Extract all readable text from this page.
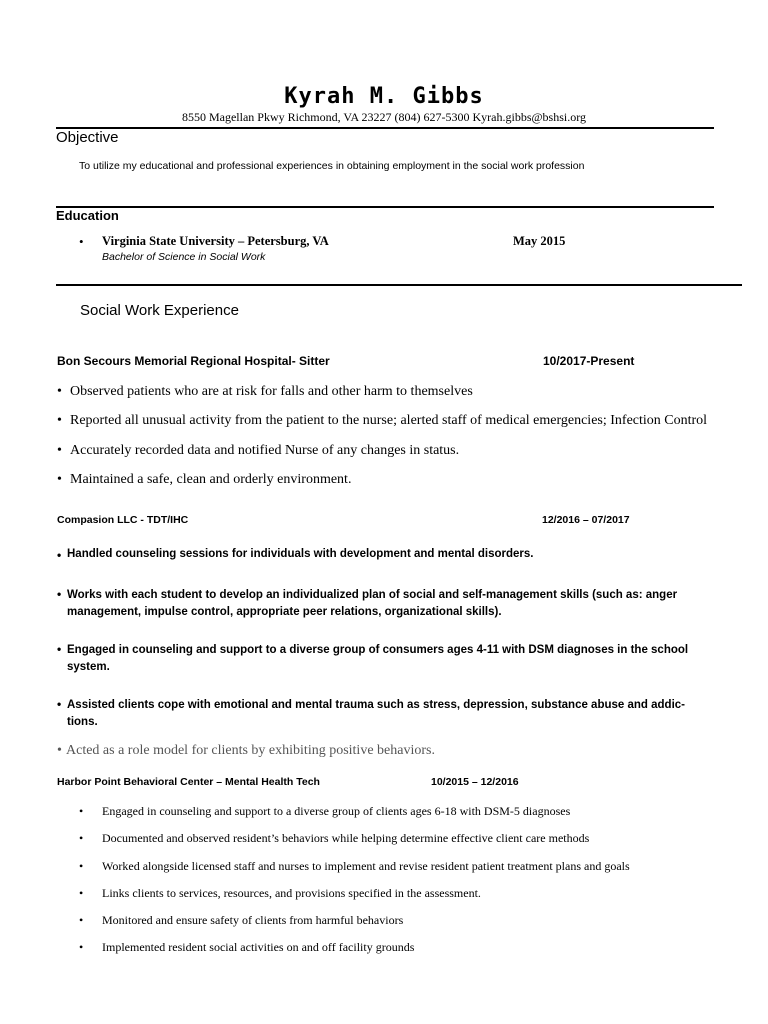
Kyrah M. Gibbs
8550 Magellan Pkwy Richmond, VA 23227 (804) 627-5300 Kyrah.gibbs@bshsi.org
Objective
To utilize my educational and professional experiences in obtaining employment in the social work profession
Education
• Virginia State University – Petersburg, VA	May 2015
Bachelor of Science in Social Work
Social Work Experience
Bon Secours Memorial Regional Hospital- Sitter	10/2017-Present
• Observed patients who are at risk for falls and other harm to themselves
• Reported all unusual activity from the patient to the nurse; alerted staff of medical emergencies; Infection Control
• Accurately recorded data and notified Nurse of any changes in status.
• Maintained a safe, clean and orderly environment.
Compasion LLC - TDT/IHC	12/2016 – 07/2017
• Handled counseling sessions for individuals with development and mental disorders.
• Works with each student to develop an individualized plan of social and self-management skills (such as: anger management, impulse control, appropriate peer relations, organizational skills).
• Engaged in counseling and support to a diverse group of consumers ages 4-11 with DSM diagnoses in the school system.
• Assisted clients cope with emotional and mental trauma such as stress, depression, substance abuse and addic-tions.
• Acted as a role model for clients by exhibiting positive behaviors.
Harbor Point Behavioral Center – Mental Health Tech	10/2015 – 12/2016
• Engaged in counseling and support to a diverse group of clients ages 6-18 with DSM-5 diagnoses
• Documented and observed resident’s behaviors while helping determine effective client care methods
• Worked alongside licensed staff and nurses to implement and revise resident patient treatment plans and goals
• Links clients to services, resources, and provisions specified in the assessment.
• Monitored and ensure safety of clients from harmful behaviors
• Implemented resident social activities on and off facility grounds
